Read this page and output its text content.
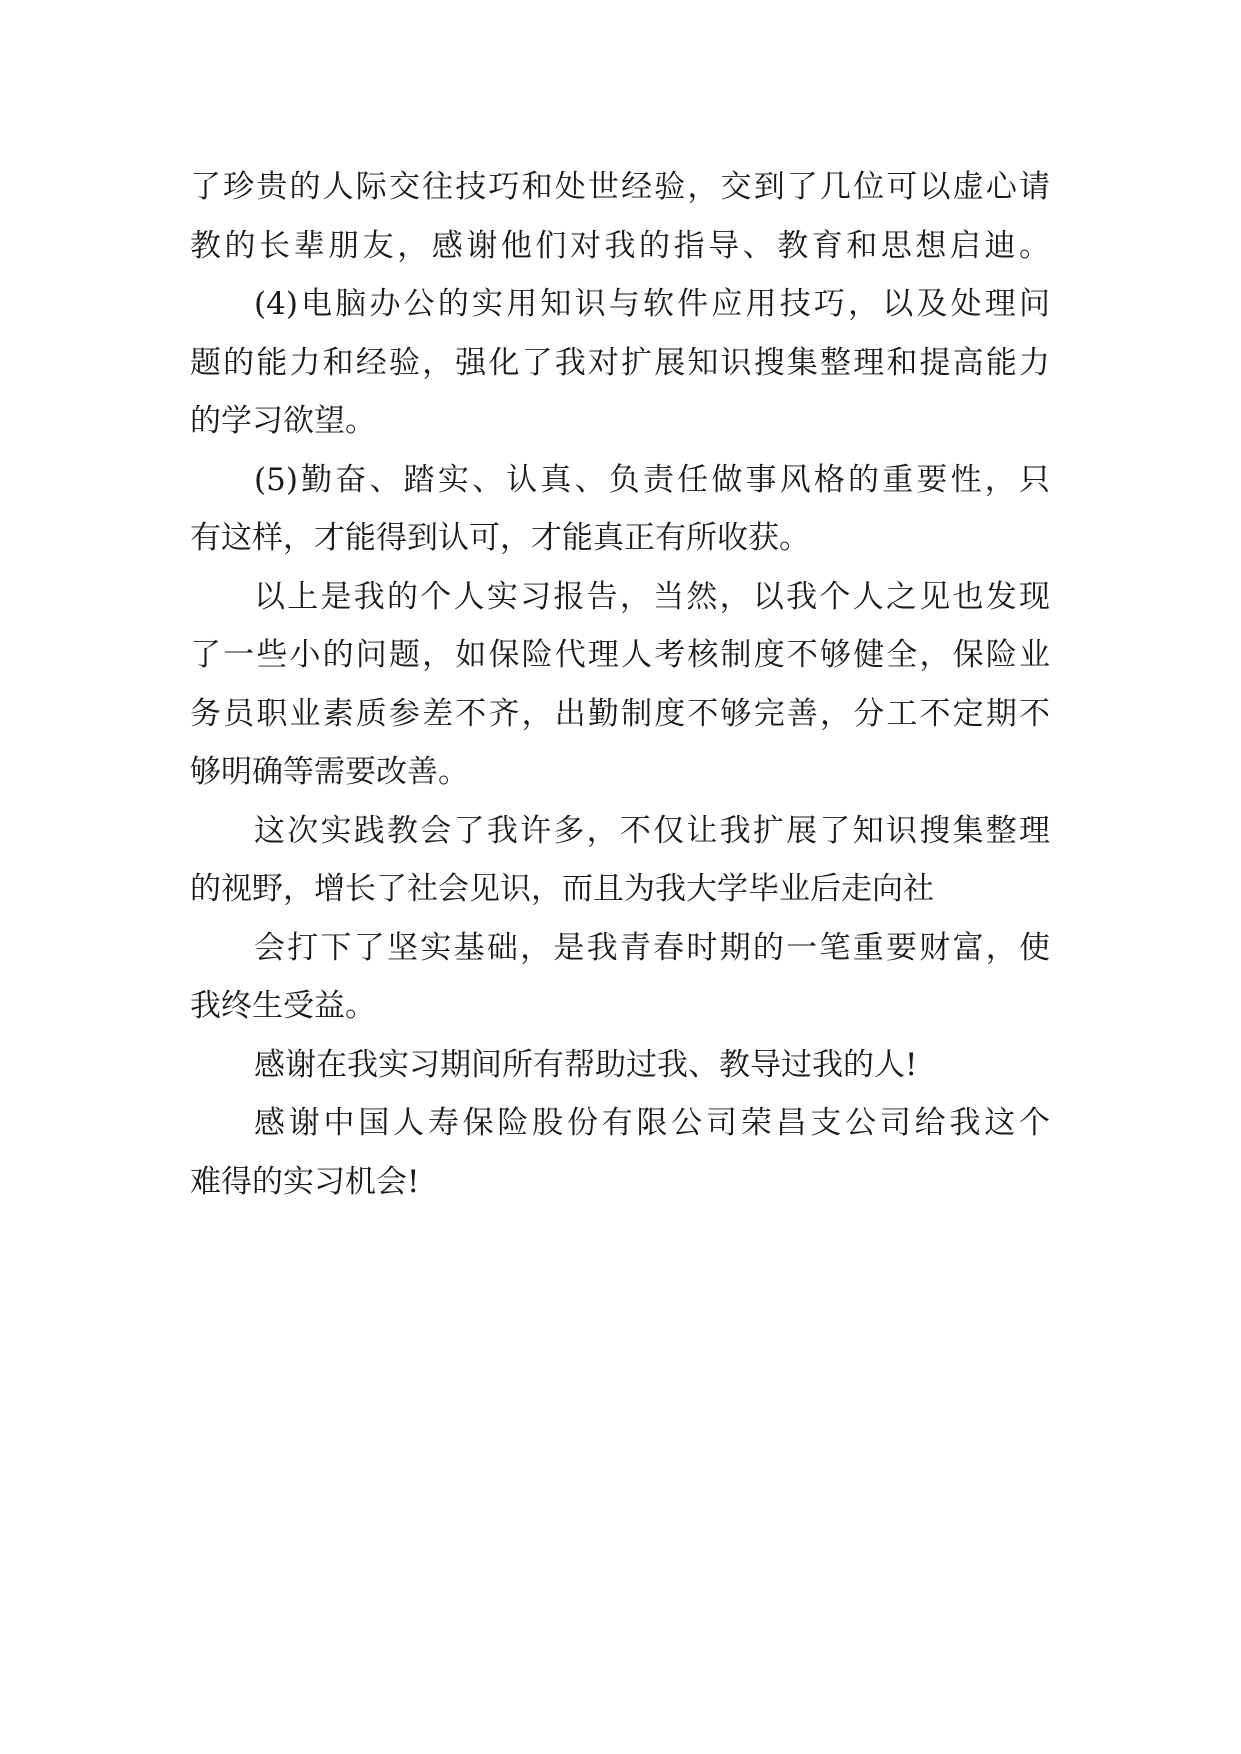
了珍贵的人际交往技巧和处世经验，交到了几位可以虚心请
教的长辈朋友，感谢他们对我的指导、教育和思想启迪。
(4)电脑办公的实用知识与软件应用技巧，以及处理问
题的能力和经验，强化了我对扩展知识搜集整理和提高能力
的学习欲望。
(5)勤奋、踏实、认真、负责任做事风格的重要性，只
有这样，才能得到认可，才能真正有所收获。
以上是我的个人实习报告，当然，以我个人之见也发现
了一些小的问题，如保险代理人考核制度不够健全，保险业
务员职业素质参差不齐，出勤制度不够完善，分工不定期不
够明确等需要改善。
这次实践教会了我许多，不仅让我扩展了知识搜集整理
的视野，增长了社会见识，而且为我大学毕业后走向社
会打下了坚实基础，是我青春时期的一笔重要财富，使
我终生受益。
感谢在我实习期间所有帮助过我、教导过我的人!
感谢中国人寿保险股份有限公司荣昌支公司给我这个
难得的实习机会!
